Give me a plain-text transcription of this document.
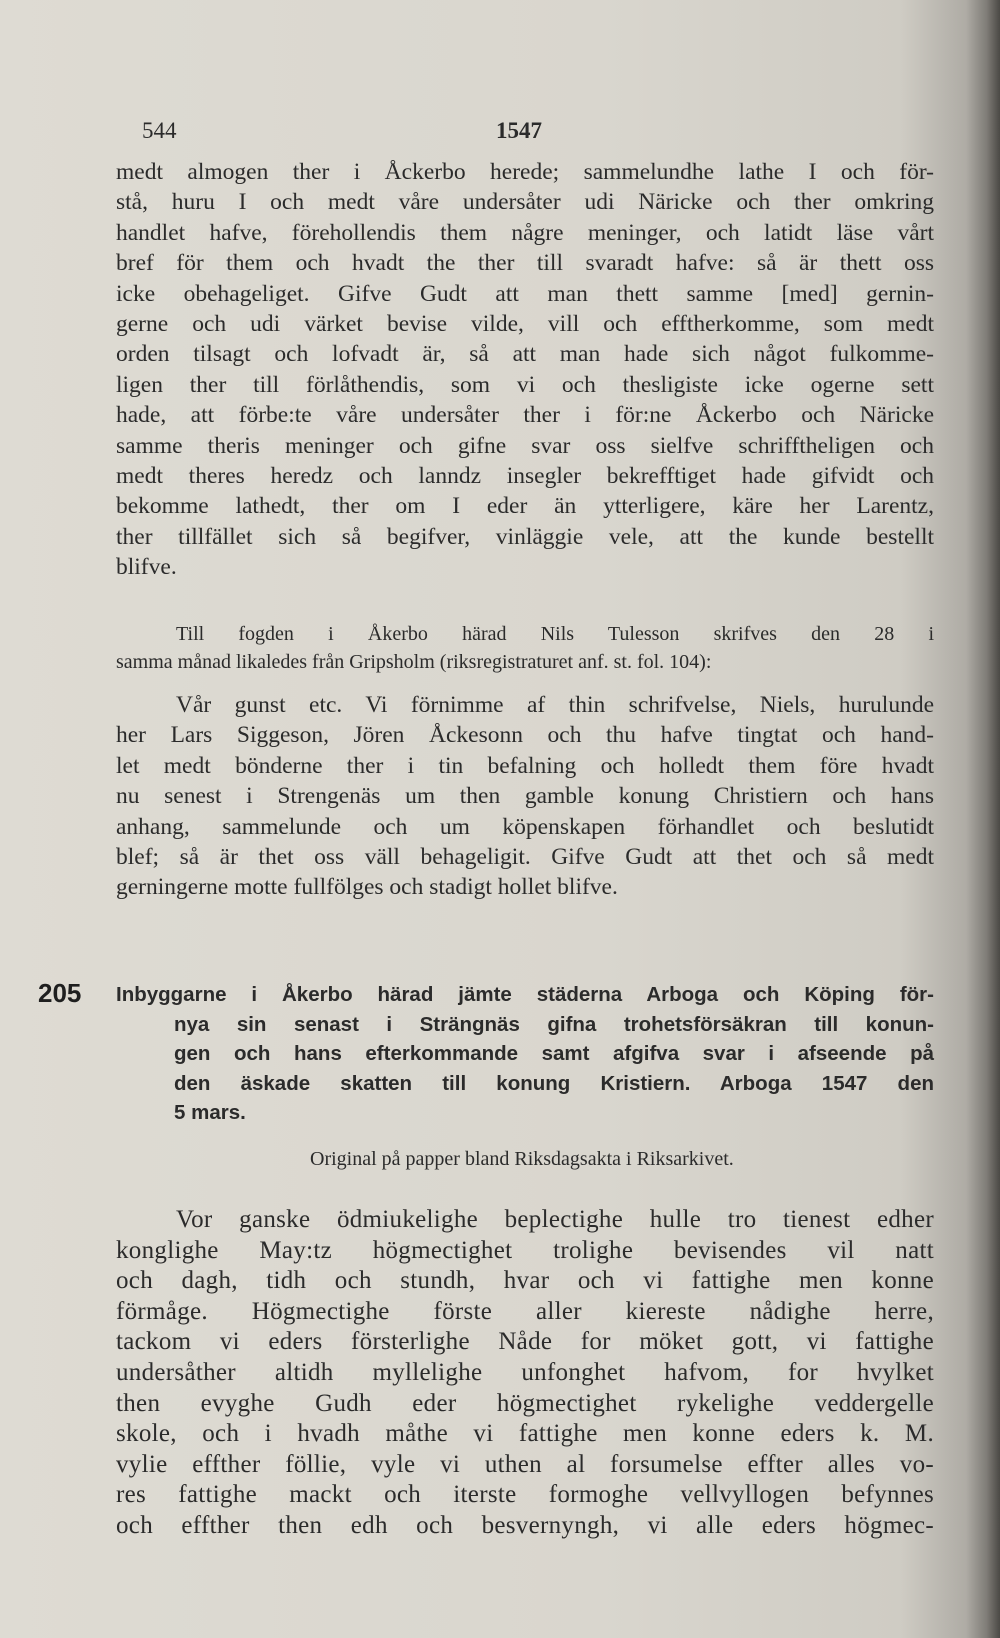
544	1547
medt almogen ther i Åckerbo herede; sammelundhe lathe I och för-
stå, huru I och medt våre undersåter udi Näricke och ther omkring
handlet hafve, förehollendis them någre meninger, och latidt läse vårt
bref för them och hvadt the ther till svaradt hafve: så är thett oss
icke obehageliget. Gifve Gudt att man thett samme [med] gernin-
gerne och udi värket bevise vilde, vill och efftherkomme, som medt
orden tilsagt och lofvadt är, så att man hade sich något fulkomme-
ligen ther till förlåthendis, som vi och thesligiste icke ogerne sett
hade, att förbe:te våre undersåter ther i för:ne Åckerbo och Näricke
samme theris meninger och gifne svar oss sielfve schrifftheligen och
medt theres heredz och lanndz insegler bekrefftiget hade gifvidt och
bekomme lathedt, ther om I eder än ytterligere, käre her Larentz,
ther tillfället sich så begifver, vinläggie vele, att the kunde bestellt
blifve.
Till fogden i Åkerbo härad Nils Tulesson skrifves den 28 i
samma månad likaledes från Gripsholm (riksregistraturet anf. st. fol. 104):
Vår gunst etc. Vi förnimme af thin schrifvelse, Niels, hurulunde
her Lars Siggeson, Jören Åckesonn och thu hafve tingtat och hand-
let medt bönderne ther i tin befalning och holledt them före hvadt
nu senest i Strengenäs um then gamble konung Christiern och hans
anhang, sammelunde och um köpenskapen förhandlet och beslutidt
blef; så är thet oss väll behageligit. Gifve Gudt att thet och så medt
gerningerne motte fullfölges och stadigt hollet blifve.
205 Inbyggarne i Åkerbo härad jämte städerna Arboga och Köping för-
nya sin senast i Strängnäs gifna trohetsförsäkran till konun-
gen och hans efterkommande samt afgifva svar i afseende på
den äskade skatten till konung Kristiern. Arboga 1547 den
5 mars.
Original på papper bland Riksdagsakta i Riksarkivet.
Vor ganske ödmiukelighe beplectighe hulle tro tienest edher
konglighe May:tz högmectighet trolighe bevisendes vil natt
och dagh, tidh och stundh, hvar och vi fattighe men konne
förmåge. Högmectighe förste aller kiereste nådighe herre,
tackom vi eders försterlighe Nåde for möket gott, vi fattighe
undersåther altidh myllelighe unfonghet hafvom, for hvylket
then evyghe Gudh eder högmectighet rykelighe veddergelle
skole, och i hvadh måthe vi fattighe men konne eders k. M.
vylie effther föllie, vyle vi uthen al forsumelse effter alles vo-
res fattighe mackt och iterste formoghe vellvyllogen befynnes
och effther then edh och besvernyngh, vi alle eders högmec-
